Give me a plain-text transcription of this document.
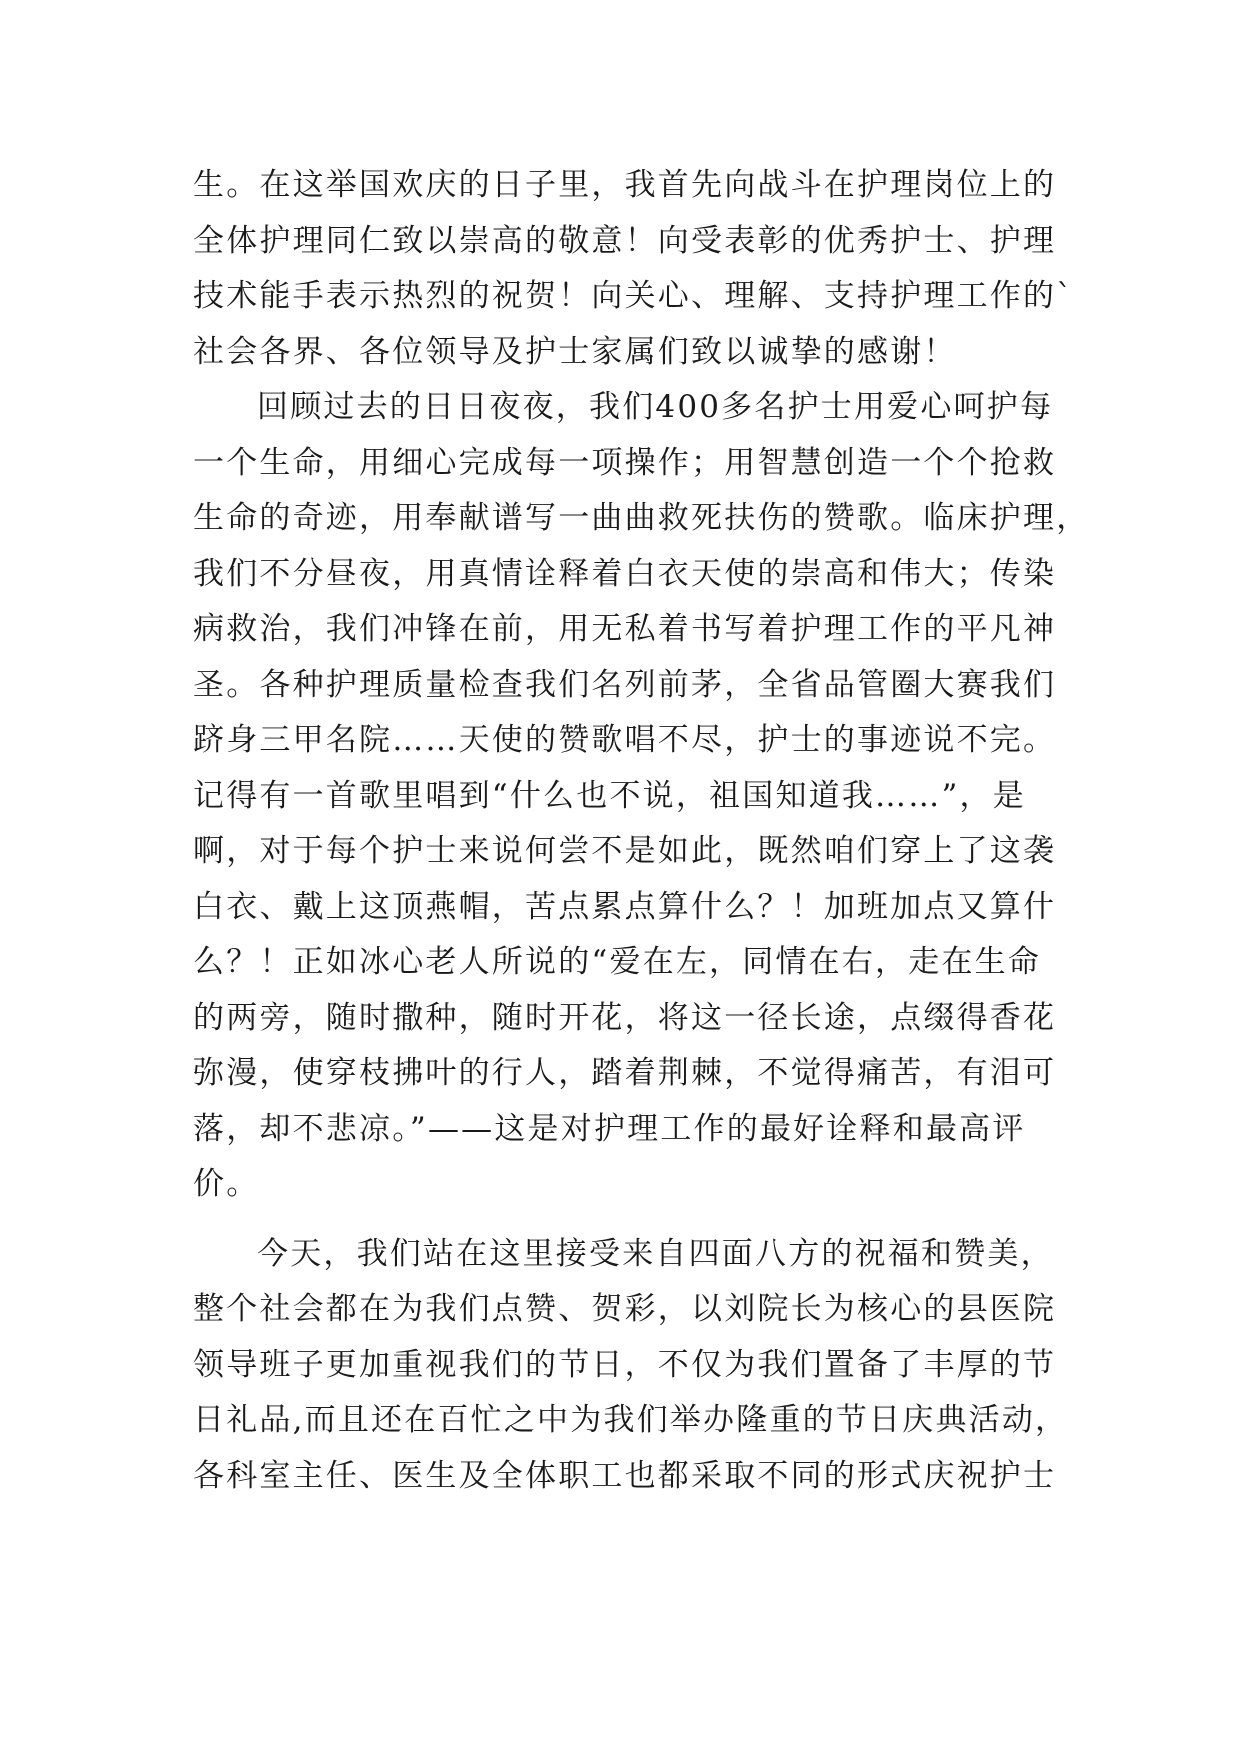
生。在这举国欢庆的日子里，我首先向战斗在护理岗位上的
全体护理同仁致以崇高的敬意！向受表彰的优秀护士、护理
技术能手表示热烈的祝贺！向关心、理解、支持护理工作的`
社会各界、各位领导及护士家属们致以诚挚的感谢！
回顾过去的日日夜夜，我们400多名护士用爱心呵护每
一个生命，用细心完成每一项操作；用智慧创造一个个抢救
生命的奇迹，用奉献谱写一曲曲救死扶伤的赞歌。临床护理，
我们不分昼夜，用真情诠释着白衣天使的崇高和伟大；传染
病救治，我们冲锋在前，用无私着书写着护理工作的平凡神
圣。各种护理质量检查我们名列前茅，全省品管圈大赛我们
跻身三甲名院……天使的赞歌唱不尽，护士的事迹说不完。
记得有一首歌里唱到“什么也不说，祖国知道我……”，是
啊，对于每个护士来说何尝不是如此，既然咱们穿上了这袭
白衣、戴上这顶燕帽，苦点累点算什么？！加班加点又算什
么？！正如冰心老人所说的“爱在左，同情在右，走在生命
的两旁，随时撒种，随时开花，将这一径长途，点缀得香花
弥漫，使穿枝拂叶的行人，踏着荆棘，不觉得痛苦，有泪可
落，却不悲凉。”——这是对护理工作的最好诠释和最高评
价。
今天，我们站在这里接受来自四面八方的祝福和赞美，
整个社会都在为我们点赞、贺彩，以刘院长为核心的县医院
领导班子更加重视我们的节日，不仅为我们置备了丰厚的节
日礼品,而且还在百忙之中为我们举办隆重的节日庆典活动，
各科室主任、医生及全体职工也都采取不同的形式庆祝护士
